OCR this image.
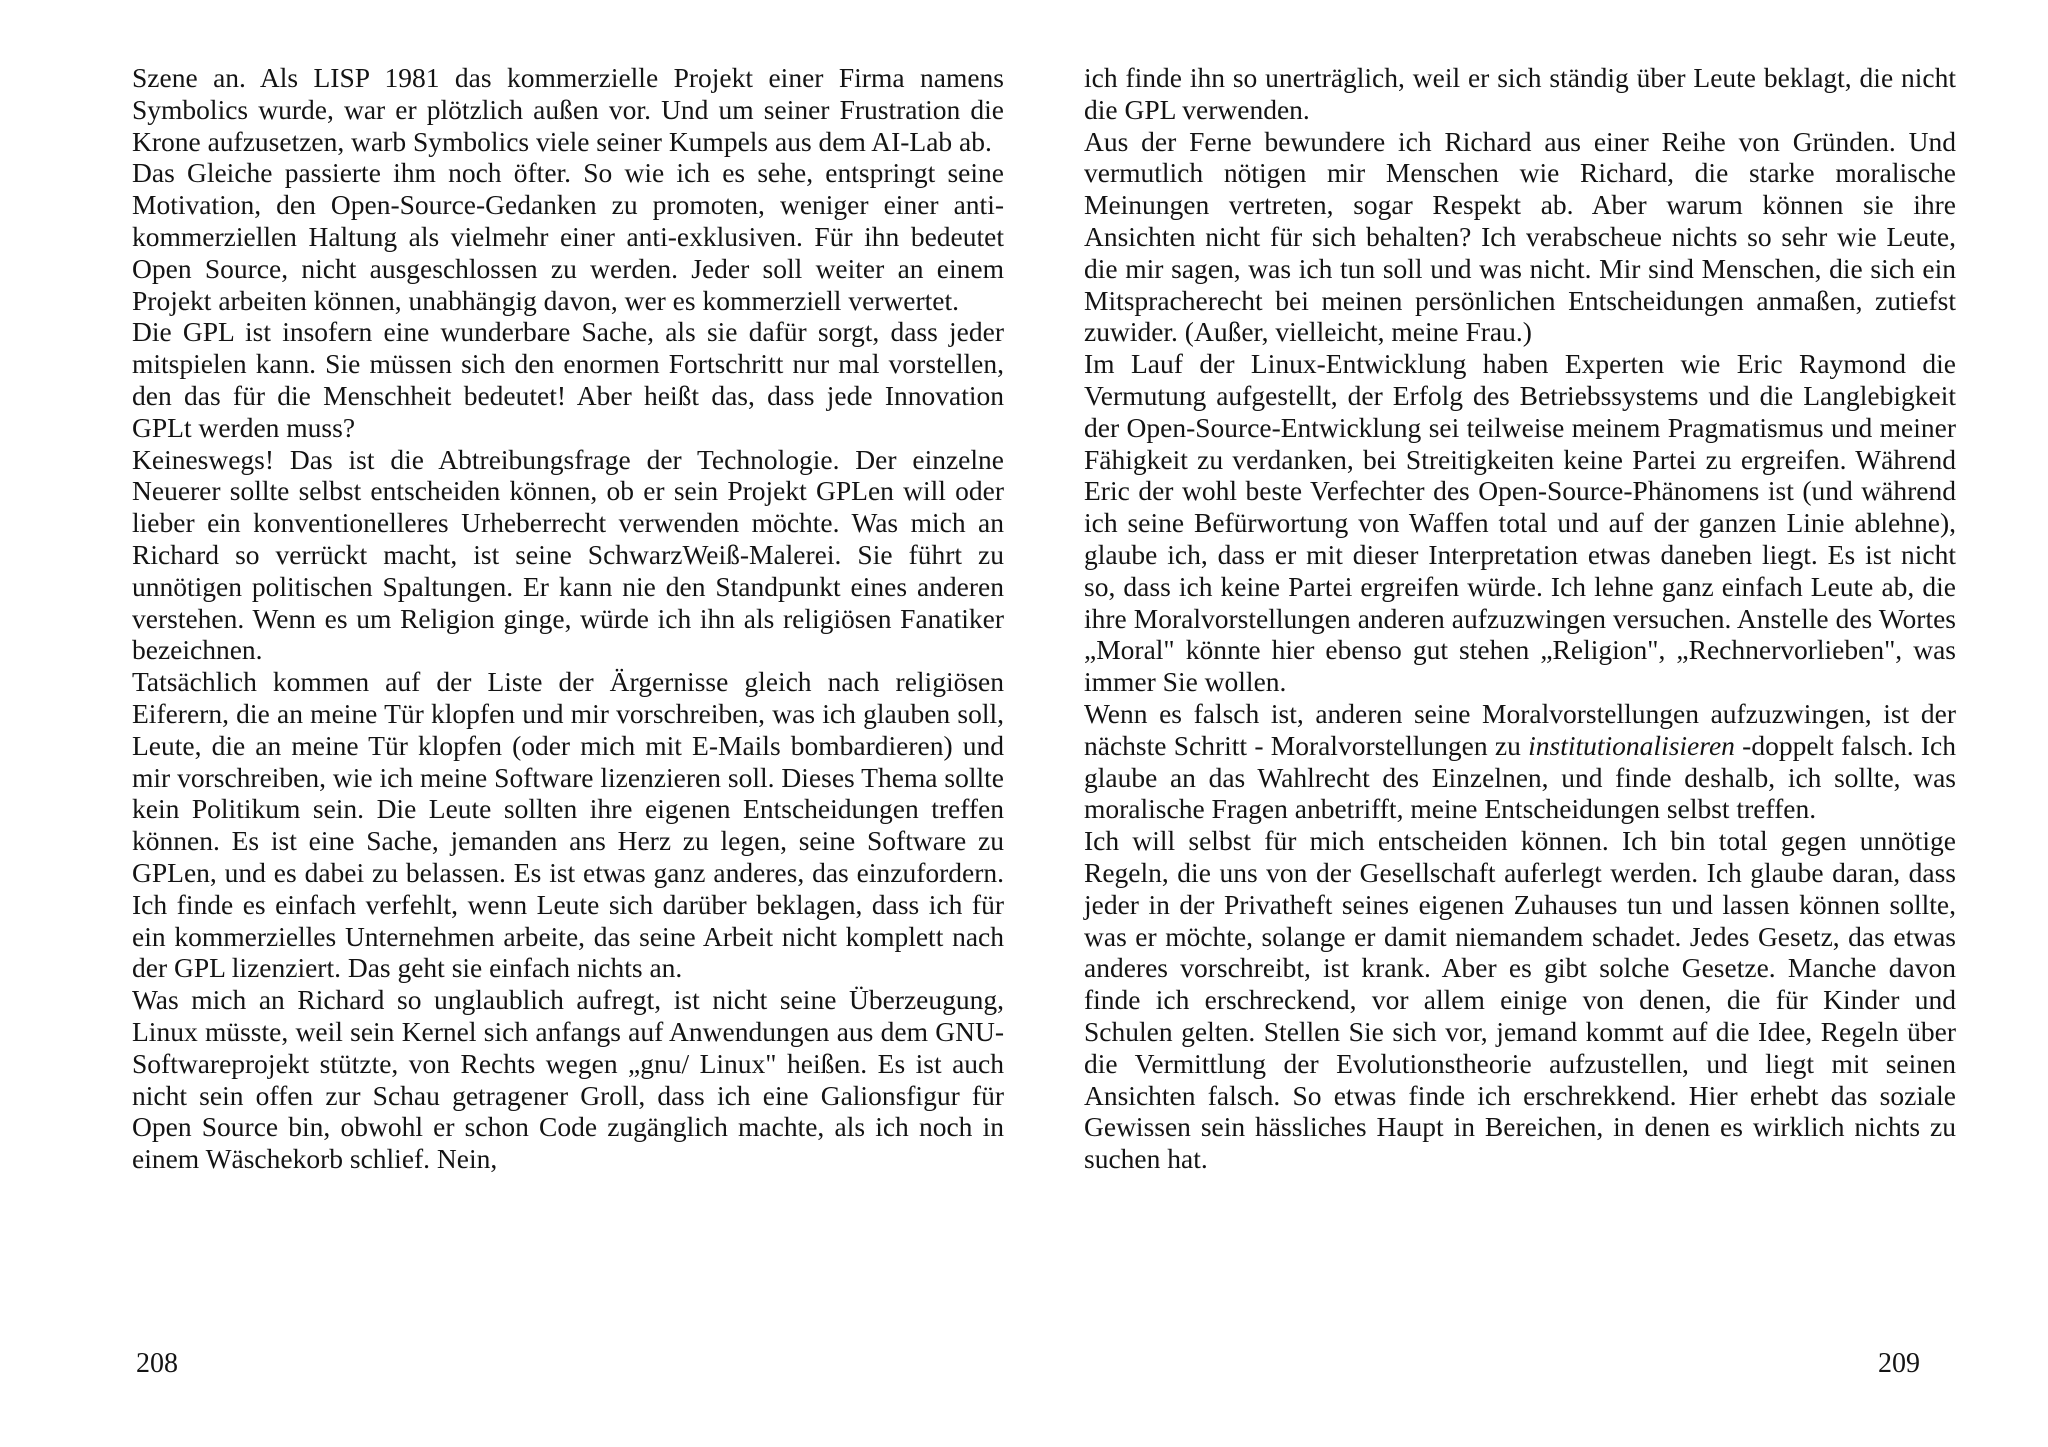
Szene an. Als LISP 1981 das kommerzielle Projekt einer Firma namens Symbolics wurde, war er plötzlich außen vor. Und um seiner Frustration die Krone aufzusetzen, warb Symbolics viele seiner Kumpels aus dem AI-Lab ab.

Das Gleiche passierte ihm noch öfter. So wie ich es sehe, entspringt seine Motivation, den Open-Source-Gedanken zu promoten, weniger einer anti-kommerziellen Haltung als vielmehr einer anti-exklusiven. Für ihn bedeutet Open Source, nicht ausgeschlossen zu werden. Jeder soll weiter an einem Projekt arbeiten können, unabhängig davon, wer es kommerziell verwertet.

Die GPL ist insofern eine wunderbare Sache, als sie dafür sorgt, dass jeder mitspielen kann. Sie müssen sich den enormen Fortschritt nur mal vorstellen, den das für die Menschheit bedeutet! Aber heißt das, dass jede Innovation GPLt werden muss?

Keineswegs! Das ist die Abtreibungsfrage der Technologie. Der einzelne Neuerer sollte selbst entscheiden können, ob er sein Projekt GPLen will oder lieber ein konventionelleres Urheberrecht verwenden möchte. Was mich an Richard so verrückt macht, ist seine SchwarzWeiß-Malerei. Sie führt zu unnötigen politischen Spaltungen. Er kann nie den Standpunkt eines anderen verstehen. Wenn es um Religion ginge, würde ich ihn als religiösen Fanatiker bezeichnen.

Tatsächlich kommen auf der Liste der Ärgernisse gleich nach religiösen Eiferern, die an meine Tür klopfen und mir vorschreiben, was ich glauben soll, Leute, die an meine Tür klopfen (oder mich mit E-Mails bombardieren) und mir vorschreiben, wie ich meine Software lizenzieren soll. Dieses Thema sollte kein Politikum sein. Die Leute sollten ihre eigenen Entscheidungen treffen können. Es ist eine Sache, jemanden ans Herz zu legen, seine Software zu GPLen, und es dabei zu belassen. Es ist etwas ganz anderes, das einzufordern. Ich finde es einfach verfehlt, wenn Leute sich darüber beklagen, dass ich für ein kommerzielles Unternehmen arbeite, das seine Arbeit nicht komplett nach der GPL lizenziert. Das geht sie einfach nichts an.

Was mich an Richard so unglaublich aufregt, ist nicht seine Überzeugung, Linux müsste, weil sein Kernel sich anfangs auf Anwendungen aus dem GNU-Softwareprojekt stützte, von Rechts wegen „gnu/ Linux" heißen. Es ist auch nicht sein offen zur Schau getragener Groll, dass ich eine Galionsfigur für Open Source bin, obwohl er schon Code zugänglich machte, als ich noch in einem Wäschekorb schlief. Nein,

208

ich finde ihn so unerträglich, weil er sich ständig über Leute beklagt, die nicht die GPL verwenden.

Aus der Ferne bewundere ich Richard aus einer Reihe von Gründen. Und vermutlich nötigen mir Menschen wie Richard, die starke moralische Meinungen vertreten, sogar Respekt ab. Aber warum können sie ihre Ansichten nicht für sich behalten? Ich verabscheue nichts so sehr wie Leute, die mir sagen, was ich tun soll und was nicht. Mir sind Menschen, die sich ein Mitspracherecht bei meinen persönlichen Entscheidungen anmaßen, zutiefst zuwider. (Außer, vielleicht, meine Frau.)

Im Lauf der Linux-Entwicklung haben Experten wie Eric Raymond die Vermutung aufgestellt, der Erfolg des Betriebssystems und die Langlebigkeit der Open-Source-Entwicklung sei teilweise meinem Pragmatismus und meiner Fähigkeit zu verdanken, bei Streitigkeiten keine Partei zu ergreifen. Während Eric der wohl beste Verfechter des Open-Source-Phänomens ist (und während ich seine Befürwortung von Waffen total und auf der ganzen Linie ablehne), glaube ich, dass er mit dieser Interpretation etwas daneben liegt. Es ist nicht so, dass ich keine Partei ergreifen würde. Ich lehne ganz einfach Leute ab, die ihre Moralvorstellungen anderen aufzuzwingen versuchen. Anstelle des Wortes „Moral" könnte hier ebenso gut stehen „Religion", „Rechnervorlieben", was immer Sie wollen.

Wenn es falsch ist, anderen seine Moralvorstellungen aufzuzwingen, ist der nächste Schritt - Moralvorstellungen zu institutionalisieren -doppelt falsch. Ich glaube an das Wahlrecht des Einzelnen, und finde deshalb, ich sollte, was moralische Fragen anbetrifft, meine Entscheidungen selbst treffen.

Ich will selbst für mich entscheiden können. Ich bin total gegen unnötige Regeln, die uns von der Gesellschaft auferlegt werden. Ich glaube daran, dass jeder in der Privatheft seines eigenen Zuhauses tun und lassen können sollte, was er möchte, solange er damit niemandem schadet. Jedes Gesetz, das etwas anderes vorschreibt, ist krank. Aber es gibt solche Gesetze. Manche davon finde ich erschreckend, vor allem einige von denen, die für Kinder und Schulen gelten. Stellen Sie sich vor, jemand kommt auf die Idee, Regeln über die Vermittlung der Evolutionstheorie aufzustellen, und liegt mit seinen Ansichten falsch. So etwas finde ich erschrekkend. Hier erhebt das soziale Gewissen sein hässliches Haupt in Bereichen, in denen es wirklich nichts zu suchen hat.

209
